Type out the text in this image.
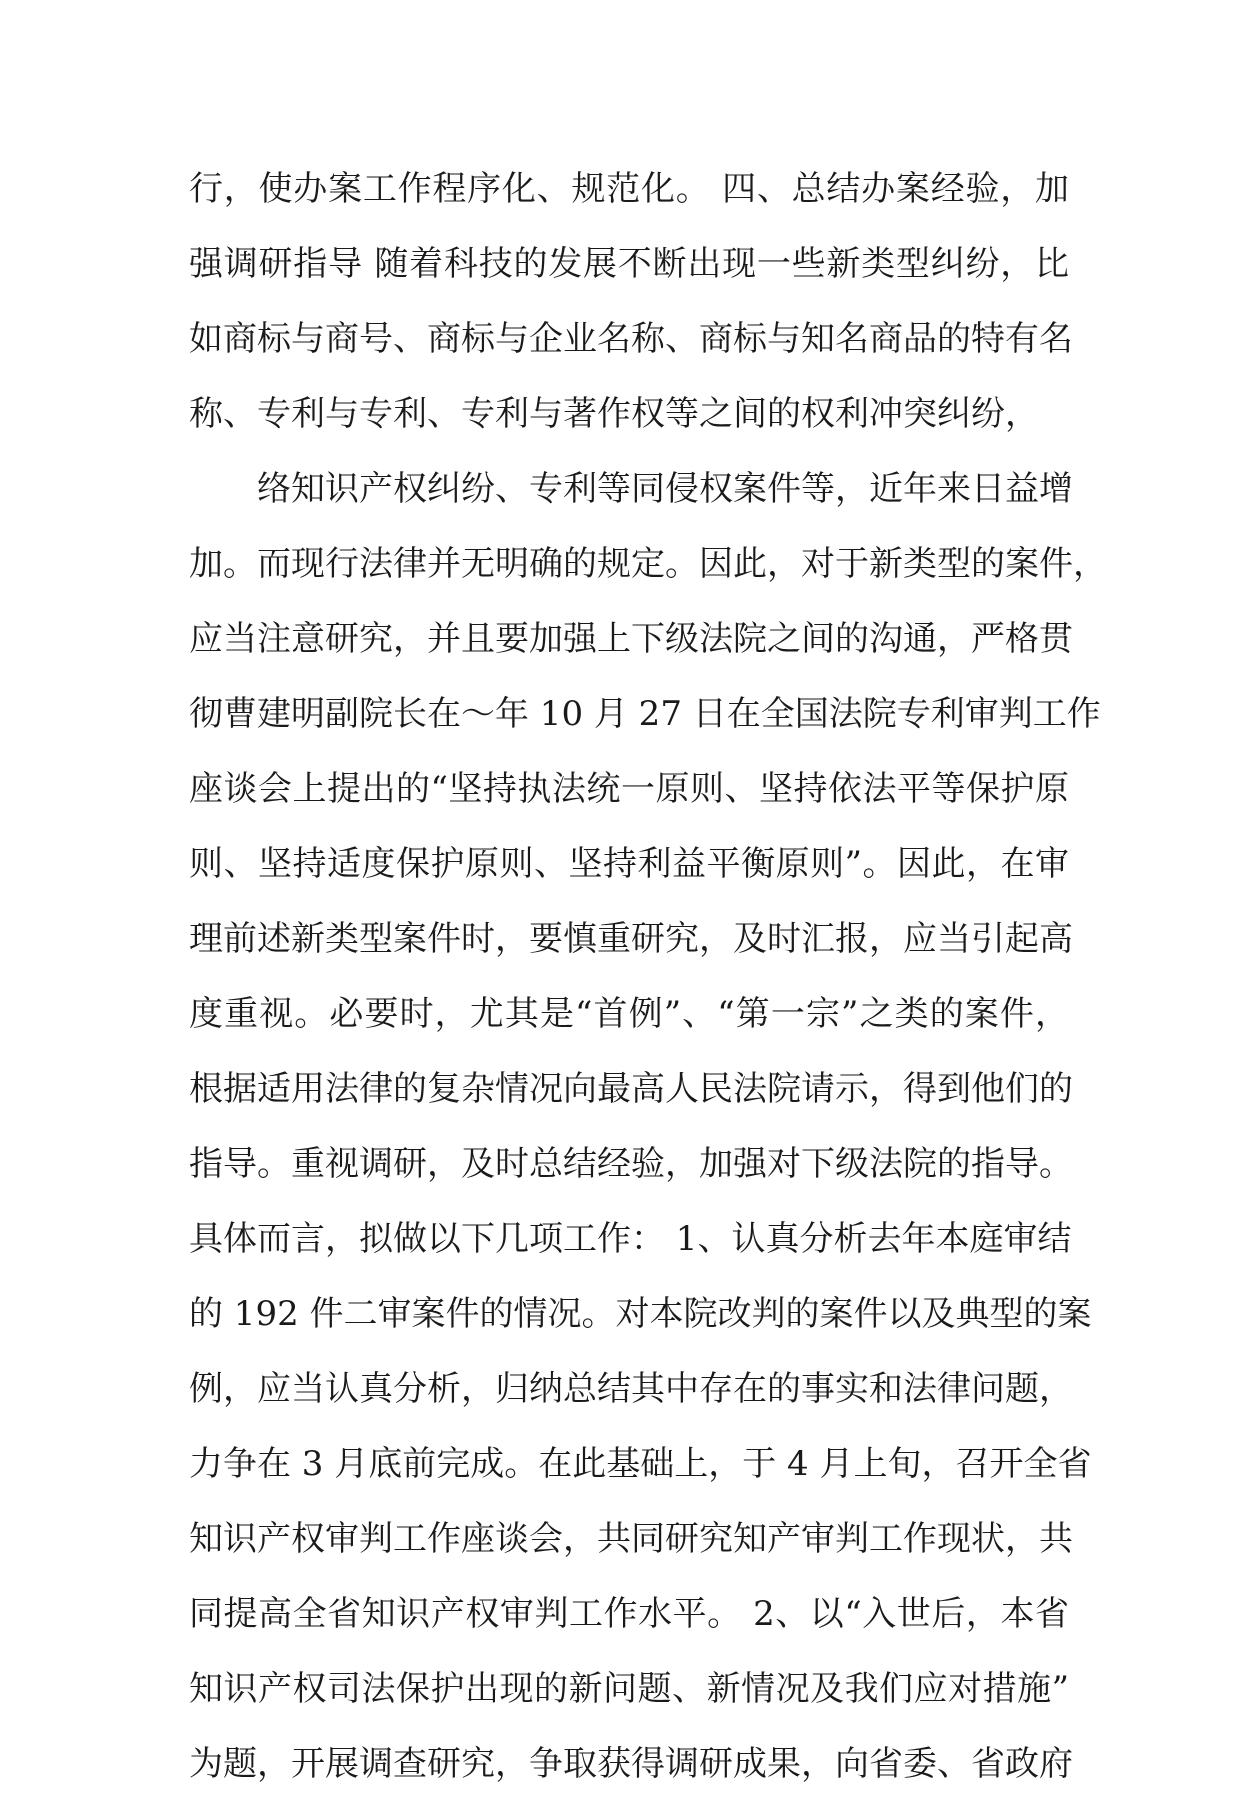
行，使办案工作程序化、规范化。 四、总结办案经验，加
强调研指导 随着科技的发展不断出现一些新类型纠纷，比
如商标与商号、商标与企业名称、商标与知名商品的特有名
称、专利与专利、专利与著作权等之间的权利冲突纠纷，
络知识产权纠纷、专利等同侵权案件等，近年来日益增
加。而现行法律并无明确的规定。因此，对于新类型的案件，
应当注意研究，并且要加强上下级法院之间的沟通，严格贯
彻曹建明副院长在～年 10 月 27 日在全国法院专利审判工作
座谈会上提出的“坚持执法统一原则、坚持依法平等保护原
则、坚持适度保护原则、坚持利益平衡原则”。因此，在审
理前述新类型案件时，要慎重研究，及时汇报，应当引起高
度重视。必要时，尤其是“首例”、“第一宗”之类的案件，
根据适用法律的复杂情况向最高人民法院请示，得到他们的
指导。重视调研，及时总结经验，加强对下级法院的指导。
具体而言，拟做以下几项工作： 1、认真分析去年本庭审结
的 192 件二审案件的情况。对本院改判的案件以及典型的案
例，应当认真分析，归纳总结其中存在的事实和法律问题，
力争在 3 月底前完成。在此基础上，于 4 月上旬，召开全省
知识产权审判工作座谈会，共同研究知产审判工作现状，共
同提高全省知识产权审判工作水平。 2、以“入世后，本省
知识产权司法保护出现的新问题、新情况及我们应对措施”
为题，开展调查研究，争取获得调研成果，向省委、省政府
